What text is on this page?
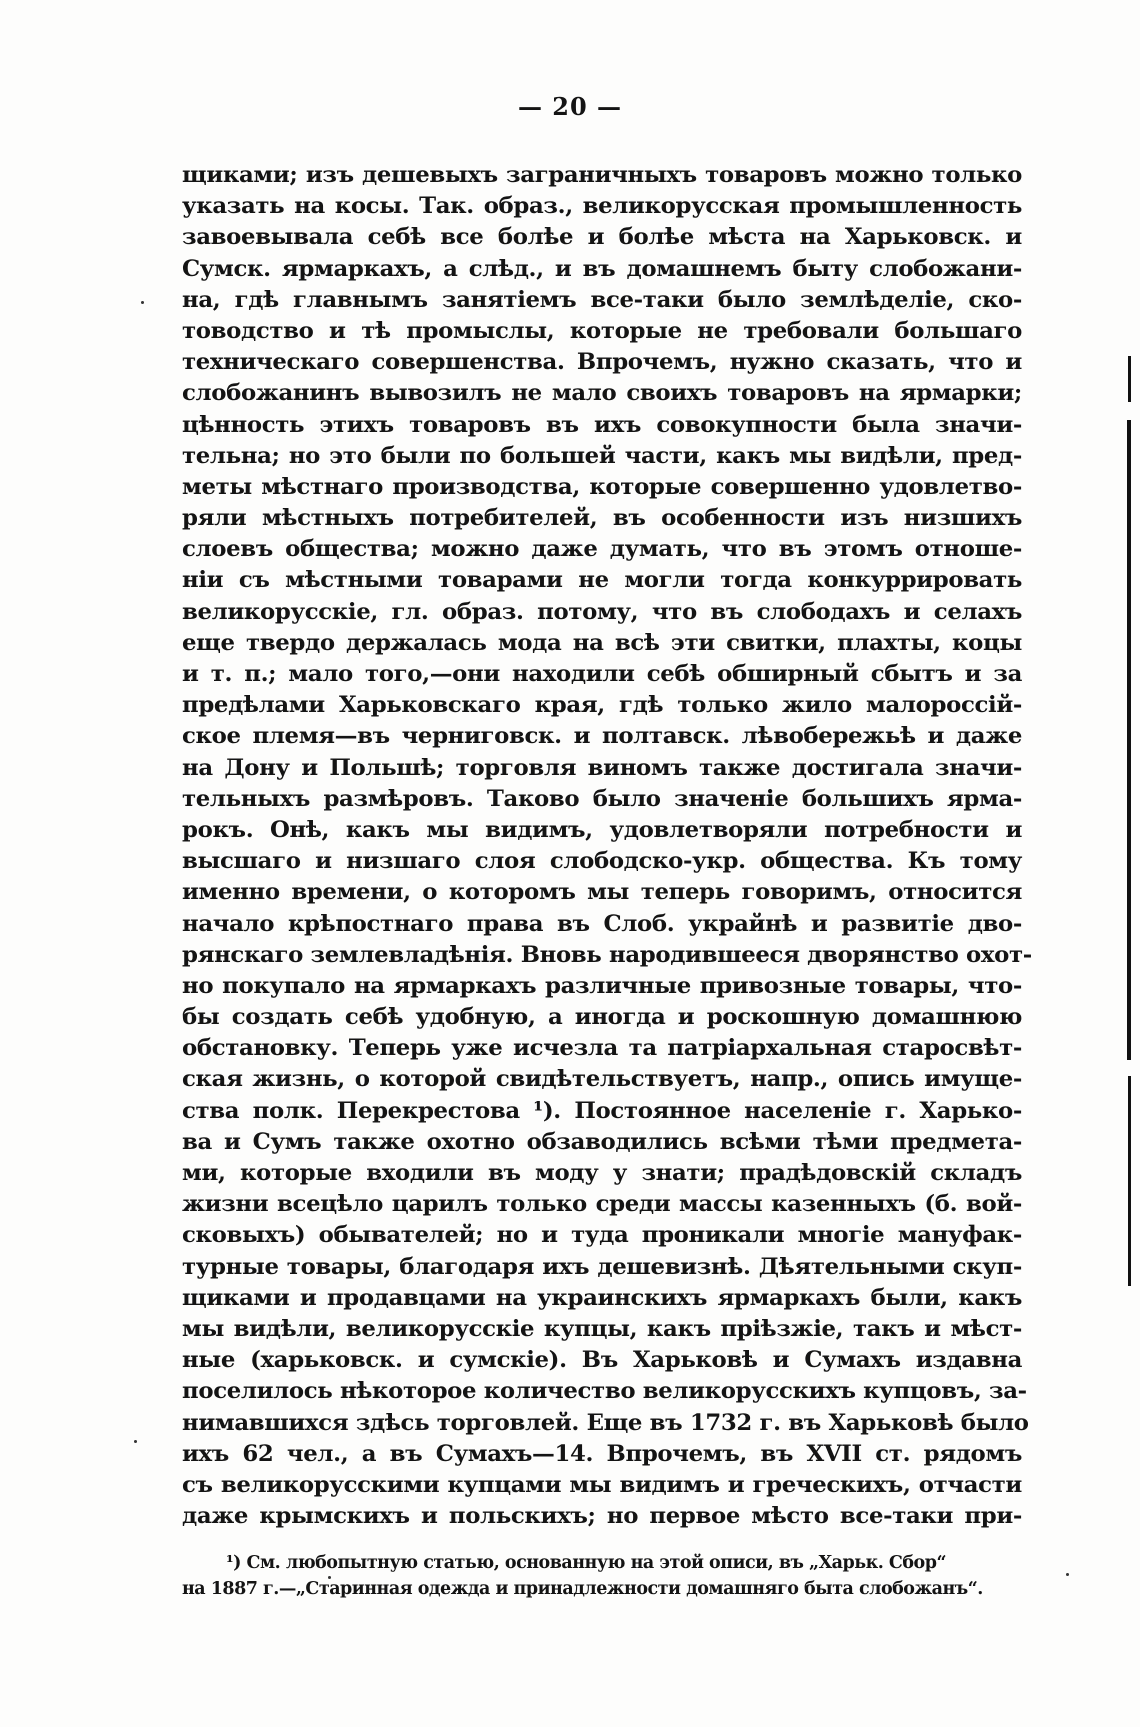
— 20 —
щиками; изъ дешевыхъ заграничныхъ товаровъ можно только
указать на косы. Так. образ., великорусская промышленность
завоевывала себѣ все болѣе и болѣе мѣста на Харьковск. и
Сумск. ярмаркахъ, а слѣд., и въ домашнемъ быту слобожани-
на, гдѣ главнымъ занятіемъ все-таки было землѣделіе, ско-
товодство и тѣ промыслы, которые не требовали большаго
техническаго совершенства. Впрочемъ, нужно сказать, что и
слобожанинъ вывозилъ не мало своихъ товаровъ на ярмарки;
цѣнность этихъ товаровъ въ ихъ совокупности была значи-
тельна; но это были по большей части, какъ мы видѣли, пред-
меты мѣстнаго производства, которые совершенно удовлетво-
ряли мѣстныхъ потребителей, въ особенности изъ низшихъ
слоевъ общества; можно даже думать, что въ этомъ отноше-
ніи съ мѣстными товарами не могли тогда конкуррировать
великорусскіе, гл. образ. потому, что въ слободахъ и селахъ
еще твердо держалась мода на всѣ эти свитки, плахты, коцы
и т. п.; мало того,—они находили себѣ обширный сбытъ и за
предѣлами Харьковскаго края, гдѣ только жило малороссій-
ское племя—въ черниговск. и полтавск. лѣвобережьѣ и даже
на Дону и Польшѣ; торговля виномъ также достигала значи-
тельныхъ размѣровъ. Таково было значеніе большихъ ярма-
рокъ. Онѣ, какъ мы видимъ, удовлетворяли потребности и
высшаго и низшаго слоя слободско-укр. общества. Къ тому
именно времени, о которомъ мы теперь говоримъ, относится
начало крѣпостнаго права въ Слоб. украйнѣ и развитіе дво-
рянскаго землевладѣнія. Вновь народившееся дворянство охот-
но покупало на ярмаркахъ различные привозные товары, что-
бы создать себѣ удобную, а иногда и роскошную домашнюю
обстановку. Теперь уже исчезла та патріархальная старосвѣт-
ская жизнь, о которой свидѣтельствуетъ, напр., опись имуще-
ства полк. Перекрестова ¹). Постоянное населеніе г. Харько-
ва и Сумъ также охотно обзаводились всѣми тѣми предмета-
ми, которые входили въ моду у знати; прадѣдовскій складъ
жизни всецѣло царилъ только среди массы казенныхъ (б. вой-
сковыхъ) обывателей; но и туда проникали многіе мануфак-
турные товары, благодаря ихъ дешевизнѣ. Дѣятельными скуп-
щиками и продавцами на украинскихъ ярмаркахъ были, какъ
мы видѣли, великорусскіе купцы, какъ пріѣзжіе, такъ и мѣст-
ные (харьковск. и сумскіе). Въ Харьковѣ и Сумахъ издавна
поселилось нѣкоторое количество великорусскихъ купцовъ, за-
нимавшихся здѣсь торговлей. Еще въ 1732 г. въ Харьковѣ было
ихъ 62 чел., а въ Сумахъ—14. Впрочемъ, въ XVII ст. рядомъ
съ великорусскими купцами мы видимъ и греческихъ, отчасти
даже крымскихъ и польскихъ; но первое мѣсто все-таки при-
¹) См. любопытную статью, основанную на этой описи, въ „Харьк. Сбор“
на 1887 г.—„Старинная одежда и принадлежности домашняго быта слобожанъ“.
